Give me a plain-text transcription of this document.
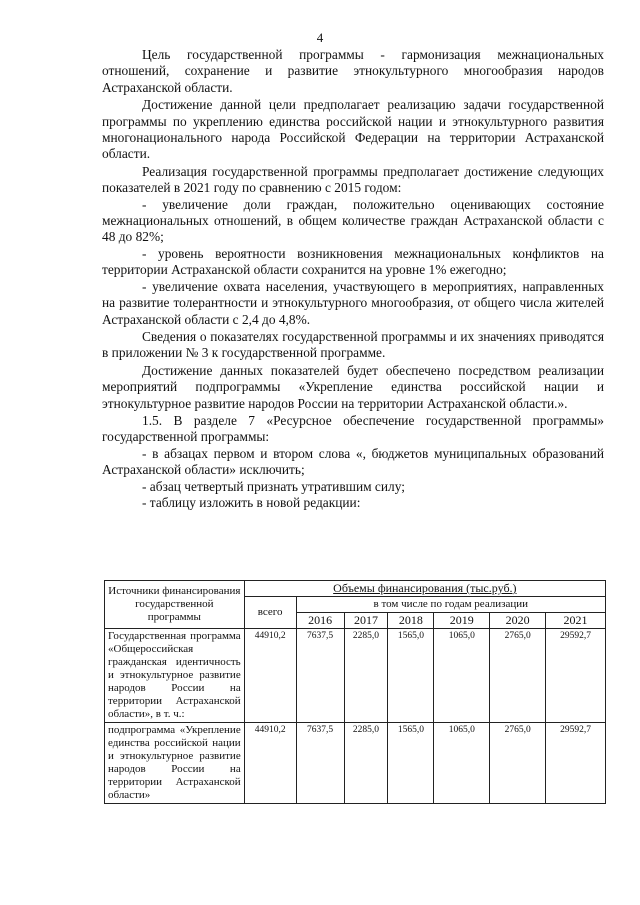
4

Цель государственной программы - гармонизация межнациональных отношений, сохранение и развитие этнокультурного многообразия народов Астраханской области.

Достижение данной цели предполагает реализацию задачи государственной программы по укреплению единства российской нации и этнокультурного развития многонационального народа Российской Федерации на территории Астраханской области.

Реализация государственной программы предполагает достижение следующих показателей в 2021 году по сравнению с 2015 годом:

- увеличение доли граждан, положительно оценивающих состояние межнациональных отношений, в общем количестве граждан Астраханской области с 48 до 82%;

- уровень вероятности возникновения межнациональных конфликтов на территории Астраханской области сохранится на уровне 1% ежегодно;

- увеличение охвата населения, участвующего в мероприятиях, направленных на развитие толерантности и этнокультурного многообразия, от общего числа жителей Астраханской области с 2,4 до 4,8%.

Сведения о показателях государственной программы и их значениях приводятся в приложении № 3 к государственной программе.

Достижение данных показателей будет обеспечено посредством реализации мероприятий подпрограммы «Укрепление единства российской нации и этнокультурное развитие народов России на территории Астраханской области.».

1.5. В разделе 7 «Ресурсное обеспечение государственной программы» государственной программы:

- в абзацах первом и втором слова «, бюджетов муниципальных образований Астраханской области» исключить;

- абзац четвертый признать утратившим силу;

- таблицу изложить в новой редакции:

Источники финансирования государственной программы	Объемы финансирования (тыс.руб.)						
	всего	в том числе по годам реализации					
		2016	2017	2018	2019	2020	2021
Государственная программа «Общероссийская гражданская идентичность и этнокультурное развитие народов России на территории Астраханской области», в т. ч.:	44910,2	7637,5	2285,0	1565,0	1065,0	2765,0	29592,7
подпрограмма «Укрепление единства российской нации и этнокультурное развитие народов России на территории Астраханской области»	44910,2	7637,5	2285,0	1565,0	1065,0	2765,0	29592,7
